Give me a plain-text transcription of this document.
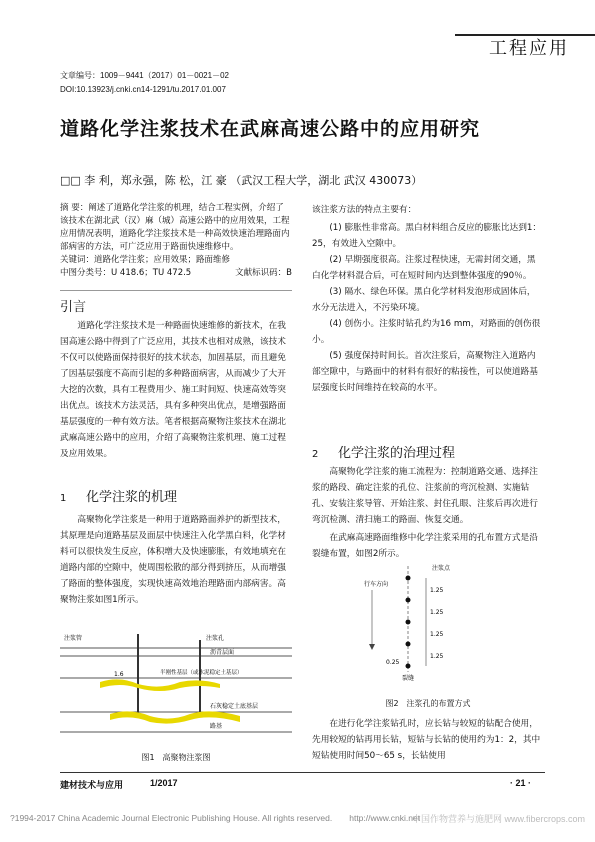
工程应用
文章编号：1009－9441（2017）01－0021－02
DOI:10.13923/j.cnki.cn14-1291/tu.2017.01.007
道路化学注浆技术在武麻高速公路中的应用研究
□□ 李 利，郑永强，陈 松，江 豪 （武汉工程大学，湖北 武汉 430073）
摘 要：阐述了道路化学注浆的机理，结合工程实例，介绍了该技术在湖北武（汉）麻（城）高速公路中的应用效果，工程应用情况表明，道路化学注浆技术是一种高效快速治理路面内部病害的方法，可广泛应用于路面快速维修中。
关键词：道路化学注浆；应用效果；路面维修
中图分类号：U 418.6；TU 472.5	文献标识码：B
引言

道路化学注浆技术是一种路面快速维修的新技术，在我国高速公路中得到了广泛应用，其技术也相对成熟，该技术不仅可以使路面保持很好的技术状态，加固基层，而且避免了因基层强度不高而引起的多种路面病害，从而减少了大开大挖的次数，具有工程费用少、施工时间短、快速高效等突出优点。该技术方法灵活，具有多种突出优点，是增强路面基层强度的一种有效方法。笔者根据高聚物注浆技术在湖北武麻高速公路中的应用，介绍了高聚物注浆机理、施工过程及应用效果。

1 化学注浆的机理

高聚物化学注浆是一种用于道路路面养护的新型技术，其原理是向道路基层及面层中快速注入化学黑白料，化学材料可以很快发生反应，体积增大及快速膨胀，有效地填充在道路内部的空隙中，使周围松散的部分得到挤压，从而增强了路面的整体强度，实现快速高效地治理路面内部病害。高聚物注浆如图1所示。

注浆管	注浆孔
沥青层面
1.6	半刚性基层（或水泥稳定土基层）
石灰稳定土底基层
路基
图1　高聚物注浆图
该注浆方法的特点主要有：

(1) 膨胀性非常高。黑白材料组合反应的膨胀比达到1：25，有效进入空隙中。

(2) 早期强度很高。注浆过程快速，无需封闭交通，黑白化学材料混合后，可在短时间内达到整体强度的90％。

(3) 隔水、绿色环保。黑白化学材料发泡形成固体后，水分无法进入，不污染环境。

(4) 创伤小。注浆时钻孔约为16 mm，对路面的创伤很小。

(5) 强度保持时间长。首次注浆后，高聚物注入道路内部空隙中，与路面中的材料有很好的粘接性，可以使道路基层强度长时间维持在较高的水平。

2 化学注浆的治理过程

高聚物化学注浆的施工流程为：控制道路交通、选择注浆的路段、确定注浆的孔位、注浆前的弯沉检测、实施钻孔、安装注浆导管、开始注浆、封住孔眼、注浆后再次进行弯沉检测、清扫施工的路面、恢复交通。

在武麻高速路面维修中化学注浆采用的孔布置方式是沿裂缝布置，如图2所示。

注浆点
行车方向
1.25
1.25
1.25
1.25
0.25
裂缝
图2　注浆孔的布置方式

在进行化学注浆钻孔时，应长钻与较短的钻配合使用，先用较短的钻再用长钻，短钻与长钻的使用约为1：2，其中短钻使用时间50～65 s，长钻使用

建材技术与应用	1/2017	· 21 ·
?1994-2017 China Academic Journal Electronic Publishing House. All rights reserved.　　http://www.cnki.net
中国作物营养与施肥网 www.fibercrops.com
